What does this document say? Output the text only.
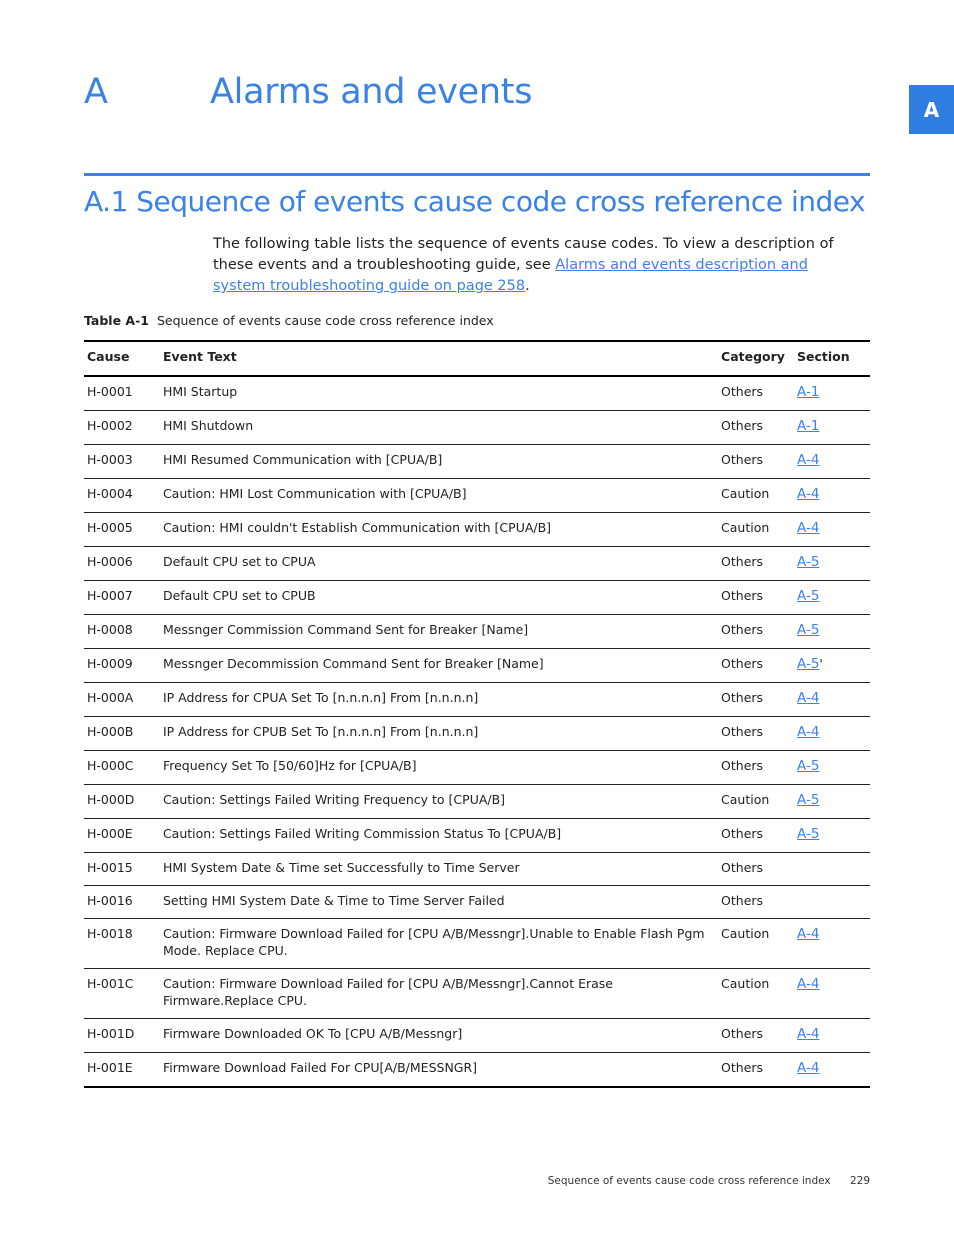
A	Alarms and events	A
A.1 Sequence of events cause code cross reference index

The following table lists the sequence of events cause codes. To view a description of these events and a troubleshooting guide, see Alarms and events description and system troubleshooting guide on page 258.

Table A-1 Sequence of events cause code cross reference index
Cause	Event Text	Category	Section
H-0001	HMI Startup	Others	A-1
H-0002	HMI Shutdown	Others	A-1
H-0003	HMI Resumed Communication with [CPUA/B]	Others	A-4
H-0004	Caution: HMI Lost Communication with [CPUA/B]	Caution	A-4
H-0005	Caution: HMI couldn't Establish Communication with [CPUA/B]	Caution	A-4
H-0006	Default CPU set to CPUA	Others	A-5
H-0007	Default CPU set to CPUB	Others	A-5
H-0008	Messnger Commission Command Sent for Breaker [Name]	Others	A-5
H-0009	Messnger Decommission Command Sent for Breaker [Name]	Others	A-5'
H-000A	IP Address for CPUA Set To [n.n.n.n] From [n.n.n.n]	Others	A-4
H-000B	IP Address for CPUB Set To [n.n.n.n] From [n.n.n.n]	Others	A-4
H-000C	Frequency Set To [50/60]Hz for [CPUA/B]	Others	A-5
H-000D	Caution: Settings Failed Writing Frequency to [CPUA/B]	Caution	A-5
H-000E	Caution: Settings Failed Writing Commission Status To [CPUA/B]	Others	A-5
H-0015	HMI System Date & Time set Successfully to Time Server	Others	
H-0016	Setting HMI System Date & Time to Time Server Failed	Others	
H-0018	Caution: Firmware Download Failed for [CPU A/B/Messngr].Unable to Enable Flash Pgm Mode. Replace CPU.	Caution	A-4
H-001C	Caution: Firmware Download Failed for [CPU A/B/Messngr].Cannot Erase Firmware.Replace CPU.	Caution	A-4
H-001D	Firmware Downloaded OK To [CPU A/B/Messngr]	Others	A-4
H-001E	Firmware Download Failed For CPU[A/B/MESSNGR]	Others	A-4
Sequence of events cause code cross reference index 229
